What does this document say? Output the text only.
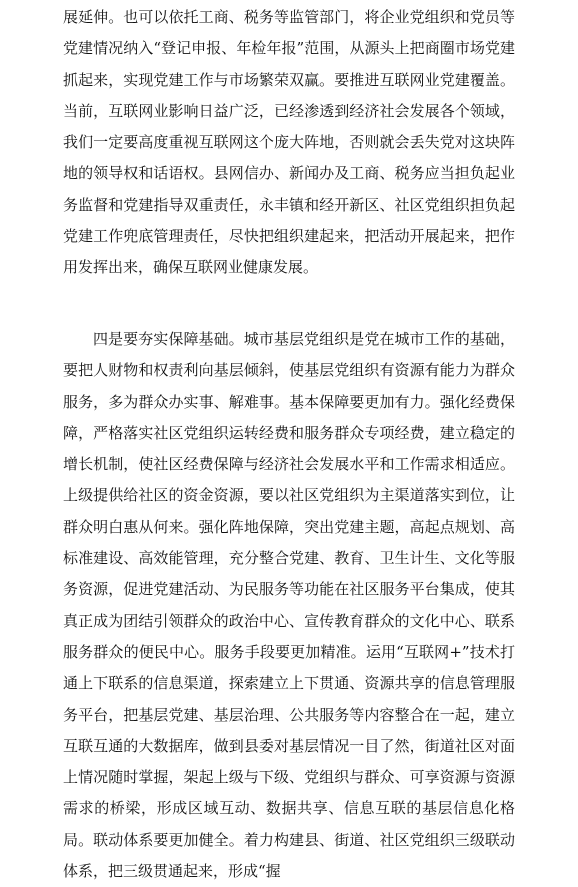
展延伸。也可以依托工商、税务等监管部门，将企业党组织和党员等党建情况纳入“登记申报、年检年报”范围，从源头上把商圈市场党建抓起来，实现党建工作与市场繁荣双赢。要推进互联网业党建覆盖。当前，互联网业影响日益广泛，已经渗透到经济社会发展各个领域，我们一定要高度重视互联网这个庞大阵地，否则就会丢失党对这块阵地的领导权和话语权。县网信办、新闻办及工商、税务应当担负起业务监督和党建指导双重责任，永丰镇和经开新区、社区党组织担负起党建工作兜底管理责任，尽快把组织建起来，把活动开展起来，把作用发挥出来，确保互联网业健康发展。

四是要夯实保障基础。城市基层党组织是党在城市工作的基础，要把人财物和权责利向基层倾斜，使基层党组织有资源有能力为群众服务，多为群众办实事、解难事。基本保障要更加有力。强化经费保障，严格落实社区党组织运转经费和服务群众专项经费，建立稳定的增长机制，使社区经费保障与经济社会发展水平和工作需求相适应。上级提供给社区的资金资源，要以社区党组织为主渠道落实到位，让群众明白惠从何来。强化阵地保障，突出党建主题，高起点规划、高标准建设、高效能管理，充分整合党建、教育、卫生计生、文化等服务资源，促进党建活动、为民服务等功能在社区服务平台集成，使其真正成为团结引领群众的政治中心、宣传教育群众的文化中心、联系服务群众的便民中心。服务手段要更加精准。运用“互联网+”技术打通上下联系的信息渠道，探索建立上下贯通、资源共享的信息管理服务平台，把基层党建、基层治理、公共服务等内容整合在一起，建立互联互通的大数据库，做到县委对基层情况一目了然，街道社区对面上情况随时掌握，架起上级与下级、党组织与群众、可享资源与资源需求的桥梁，形成区域互动、数据共享、信息互联的基层信息化格局。联动体系要更加健全。着力构建县、街道、社区党组织三级联动体系，把三级贯通起来，形成“握
